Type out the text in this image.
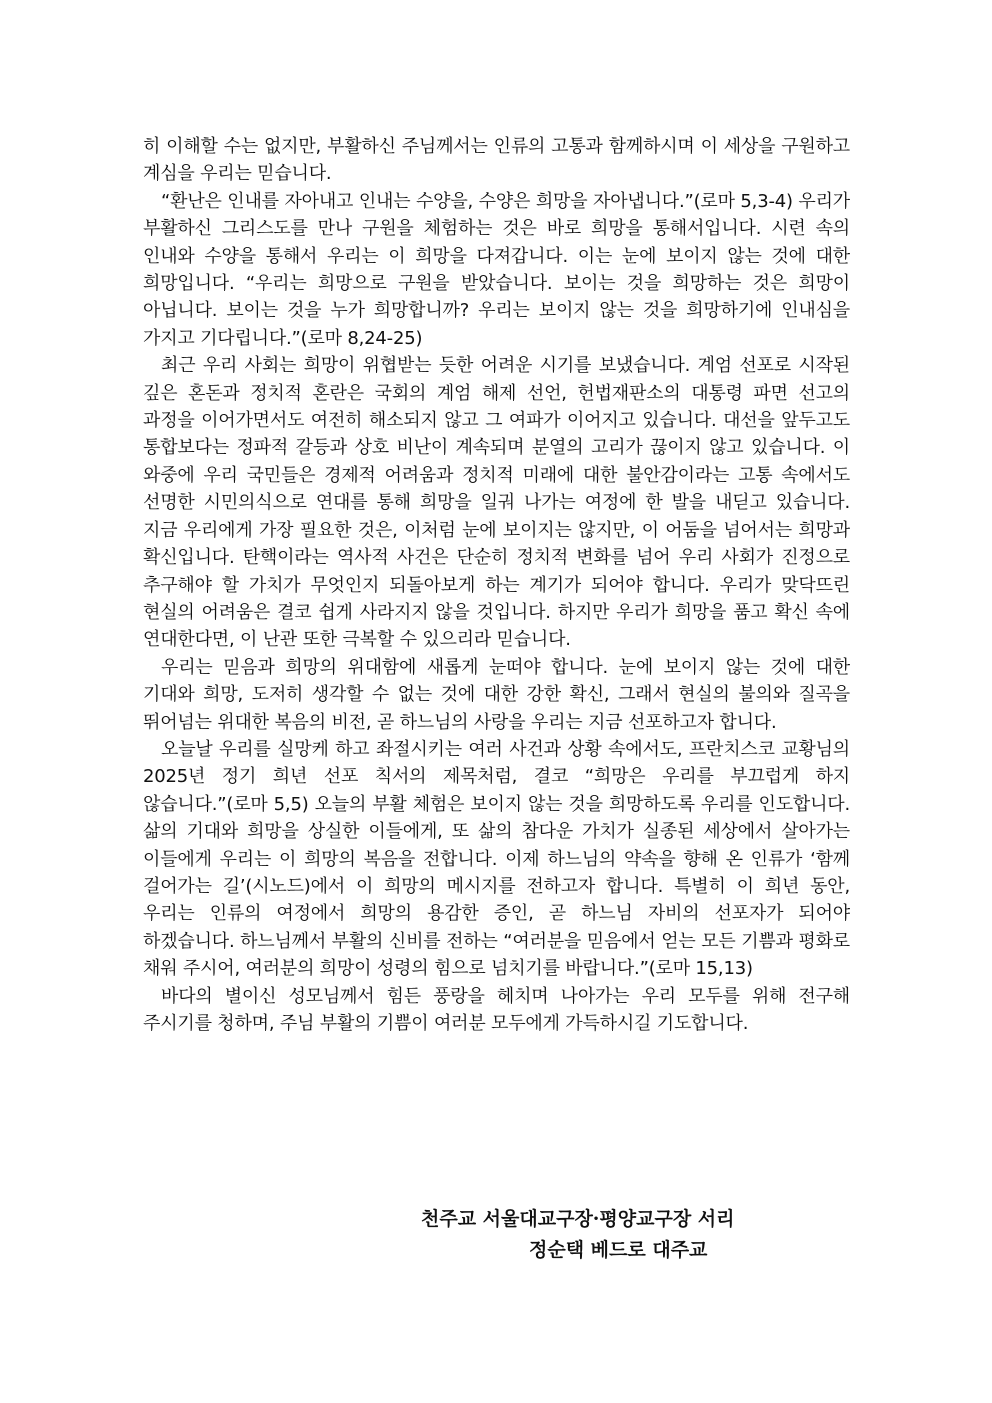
히 이해할 수는 없지만, 부활하신 주님께서는 인류의 고통과 함께하시며 이 세상을 구원하고 계심을 우리는 믿습니다.

“환난은 인내를 자아내고 인내는 수양을, 수양은 희망을 자아냅니다.”(로마 5,3-4) 우리가 부활하신 그리스도를 만나 구원을 체험하는 것은 바로 희망을 통해서입니다. 시련 속의 인내와 수양을 통해서 우리는 이 희망을 다져갑니다. 이는 눈에 보이지 않는 것에 대한 희망입니다. “우리는 희망으로 구원을 받았습니다. 보이는 것을 희망하는 것은 희망이 아닙니다. 보이는 것을 누가 희망합니까? 우리는 보이지 않는 것을 희망하기에 인내심을 가지고 기다립니다.”(로마 8,24-25)

최근 우리 사회는 희망이 위협받는 듯한 어려운 시기를 보냈습니다. 계엄 선포로 시작된 깊은 혼돈과 정치적 혼란은 국회의 계엄 해제 선언, 헌법재판소의 대통령 파면 선고의 과정을 이어가면서도 여전히 해소되지 않고 그 여파가 이어지고 있습니다. 대선을 앞두고도 통합보다는 정파적 갈등과 상호 비난이 계속되며 분열의 고리가 끊이지 않고 있습니다. 이 와중에 우리 국민들은 경제적 어려움과 정치적 미래에 대한 불안감이라는 고통 속에서도 선명한 시민의식으로 연대를 통해 희망을 일궈 나가는 여정에 한 발을 내딛고 있습니다. 지금 우리에게 가장 필요한 것은, 이처럼 눈에 보이지는 않지만, 이 어둠을 넘어서는 희망과 확신입니다. 탄핵이라는 역사적 사건은 단순히 정치적 변화를 넘어 우리 사회가 진정으로 추구해야 할 가치가 무엇인지 되돌아보게 하는 계기가 되어야 합니다. 우리가 맞닥뜨린 현실의 어려움은 결코 쉽게 사라지지 않을 것입니다. 하지만 우리가 희망을 품고 확신 속에 연대한다면, 이 난관 또한 극복할 수 있으리라 믿습니다.

우리는 믿음과 희망의 위대함에 새롭게 눈떠야 합니다. 눈에 보이지 않는 것에 대한 기대와 희망, 도저히 생각할 수 없는 것에 대한 강한 확신, 그래서 현실의 불의와 질곡을 뛰어넘는 위대한 복음의 비전, 곧 하느님의 사랑을 우리는 지금 선포하고자 합니다.

오늘날 우리를 실망케 하고 좌절시키는 여러 사건과 상황 속에서도, 프란치스코 교황님의 2025년 정기 희년 선포 칙서의 제목처럼, 결코 “희망은 우리를 부끄럽게 하지 않습니다.”(로마 5,5) 오늘의 부활 체험은 보이지 않는 것을 희망하도록 우리를 인도합니다. 삶의 기대와 희망을 상실한 이들에게, 또 삶의 참다운 가치가 실종된 세상에서 살아가는 이들에게 우리는 이 희망의 복음을 전합니다. 이제 하느님의 약속을 향해 온 인류가 ‘함께 걸어가는 길’(시노드)에서 이 희망의 메시지를 전하고자 합니다. 특별히 이 희년 동안, 우리는 인류의 여정에서 희망의 용감한 증인, 곧 하느님 자비의 선포자가 되어야 하겠습니다. 하느님께서 부활의 신비를 전하는 “여러분을 믿음에서 얻는 모든 기쁨과 평화로 채워 주시어, 여러분의 희망이 성령의 힘으로 넘치기를 바랍니다.”(로마 15,13)

바다의 별이신 성모님께서 힘든 풍랑을 헤치며 나아가는 우리 모두를 위해 전구해 주시기를 청하며, 주님 부활의 기쁨이 여러분 모두에게 가득하시길 기도합니다.

천주교 서울대교구장·평양교구장 서리
정순택 베드로 대주교
